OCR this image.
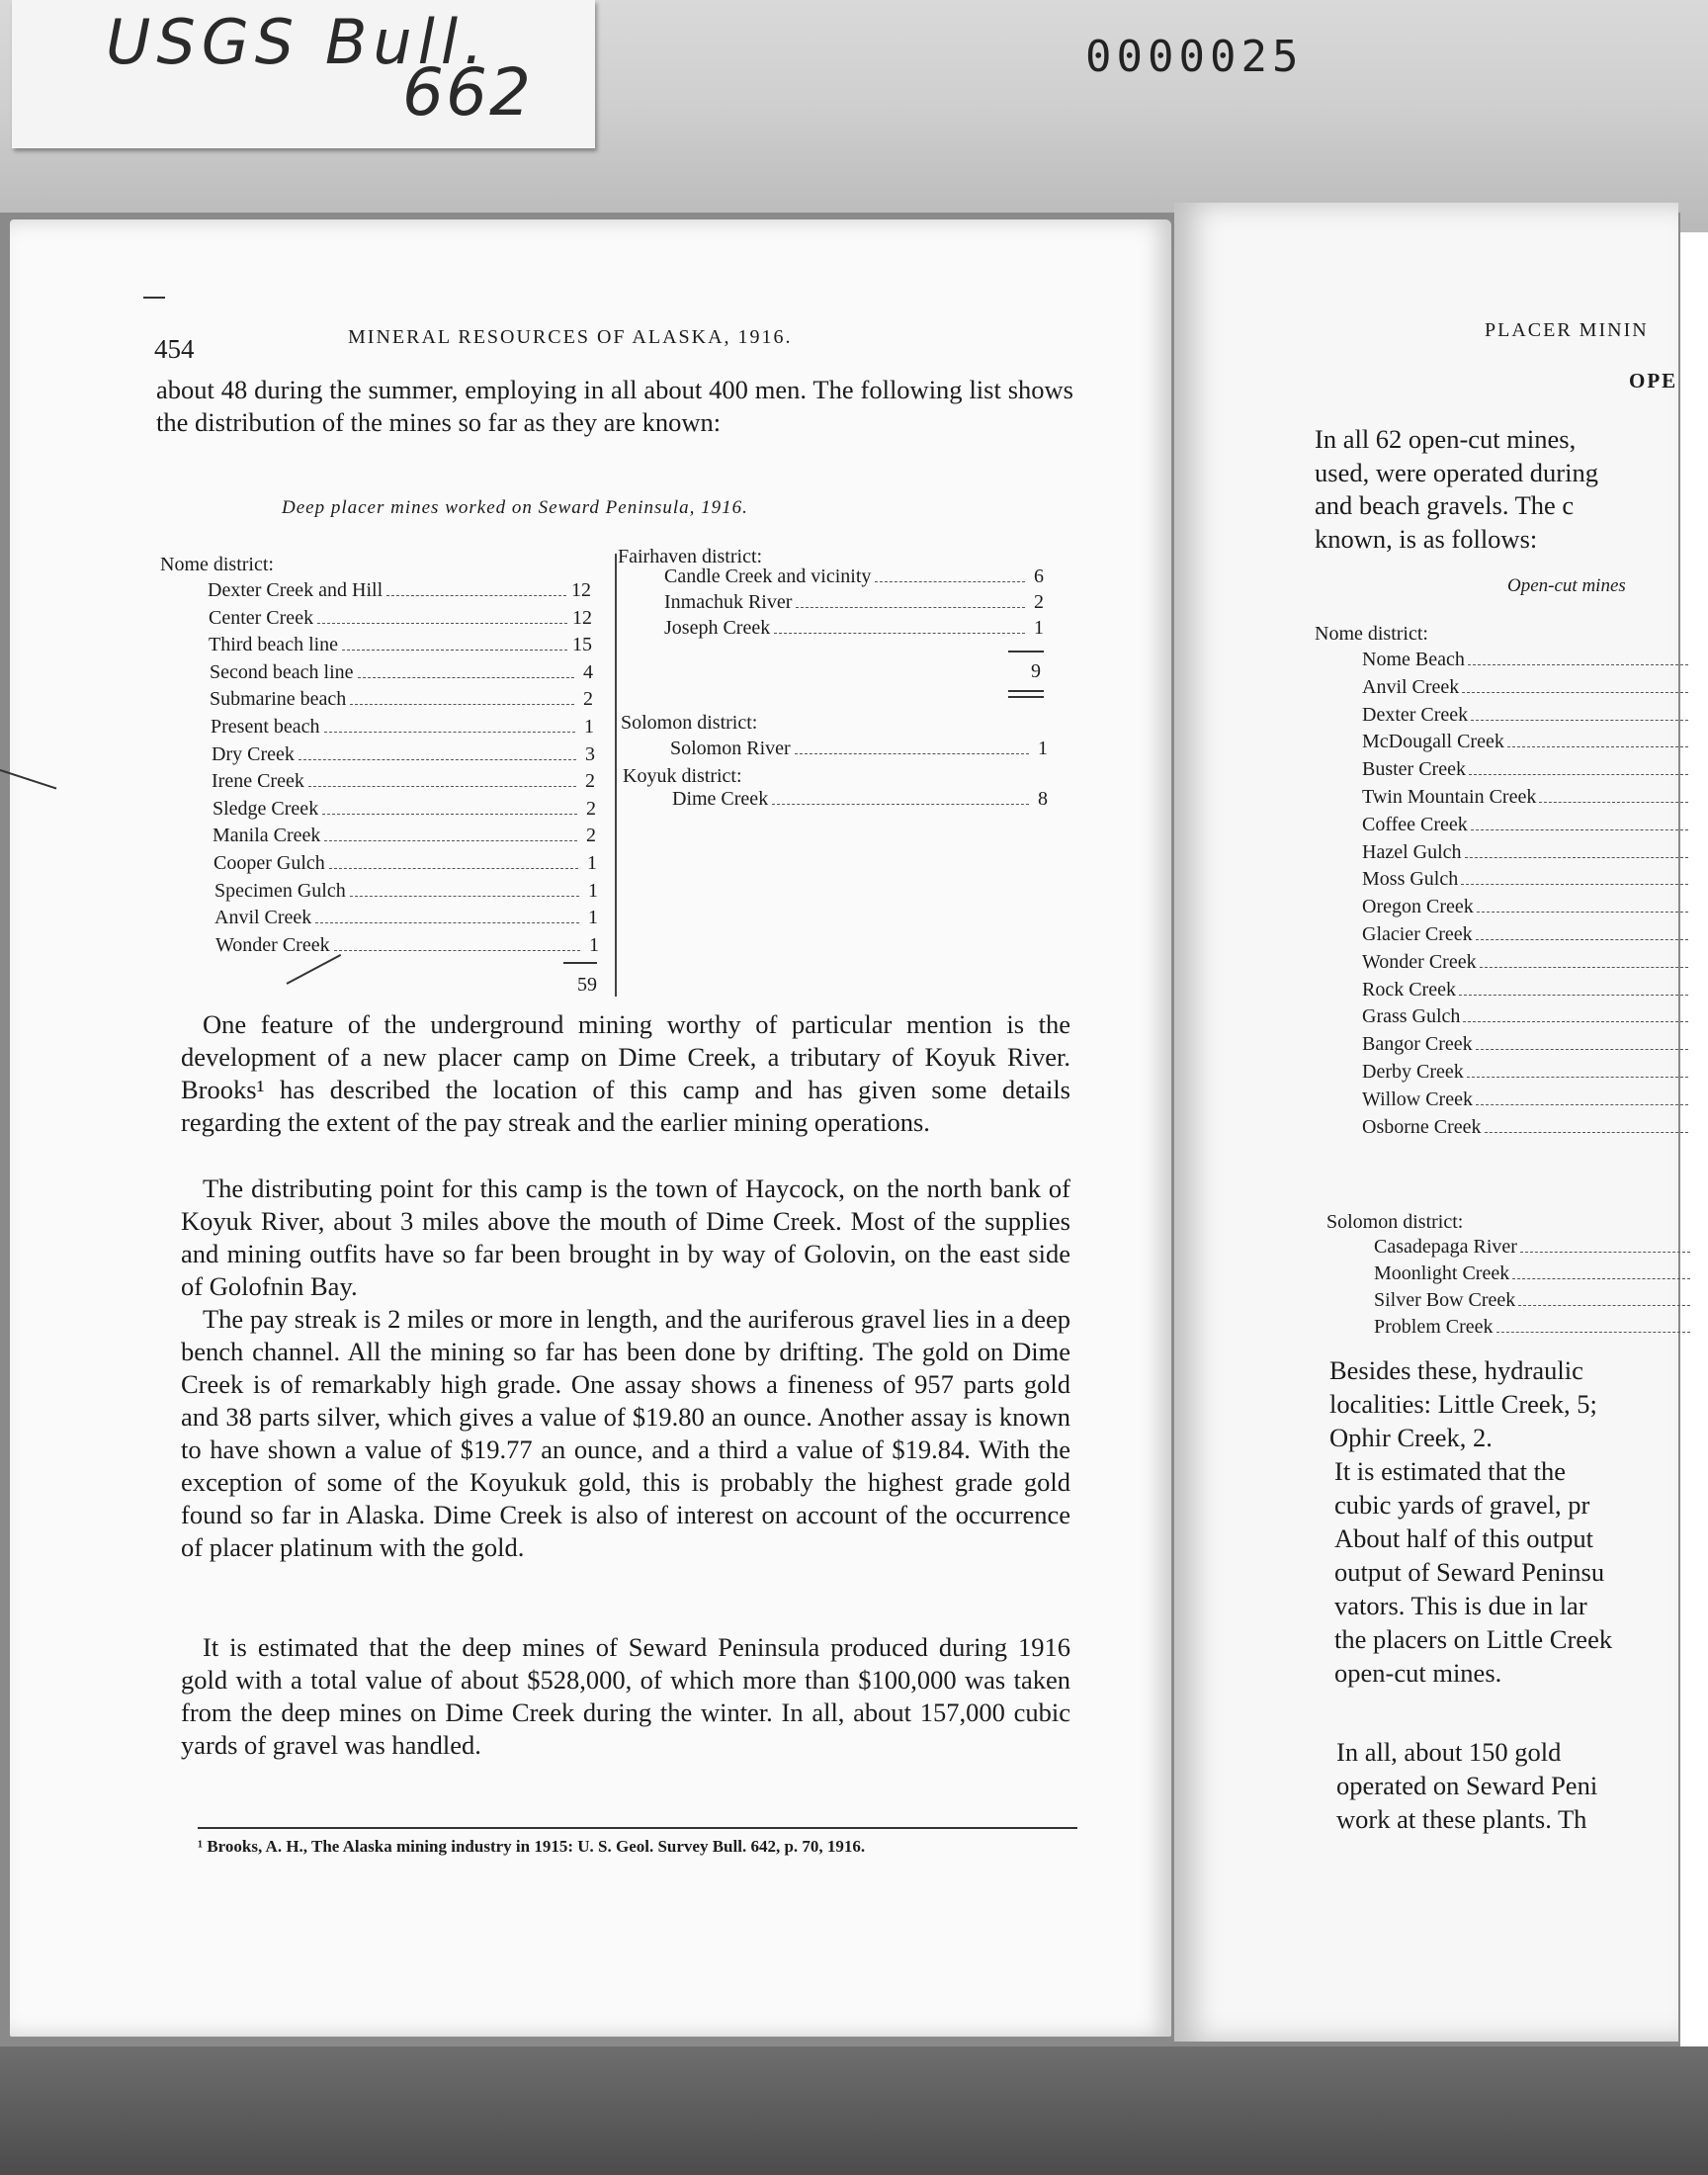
USGS Bull.
662	0000025
454	MINERAL RESOURCES OF ALASKA, 1916.
about 48 during the summer, employing in all about 400 men. The following list shows the distribution of the mines so far as they are known:
Deep placer mines worked on Seward Peninsula, 1916.
Nome district:
Dexter Creek and Hill	12
Center Creek	12
Third beach line	15
Second beach line	4
Submarine beach	2
Present beach	1
Dry Creek	3
Irene Creek	2
Sledge Creek	2
Manila Creek	2
Cooper Gulch	1
Specimen Gulch	1
Anvil Creek	1
Wonder Creek	1
59
Fairhaven district:
Candle Creek and vicinity	6
Inmachuk River	2
Joseph Creek	1
9
Solomon district:
Solomon River	1
Koyuk district:
Dime Creek	8
One feature of the underground mining worthy of particular mention is the development of a new placer camp on Dime Creek, a tributary of Koyuk River. Brooks¹ has described the location of this camp and has given some details regarding the extent of the pay streak and the earlier mining operations.
The distributing point for this camp is the town of Haycock, on the north bank of Koyuk River, about 3 miles above the mouth of Dime Creek. Most of the supplies and mining outfits have so far been brought in by way of Golovin, on the east side of Golofnin Bay.
The pay streak is 2 miles or more in length, and the auriferous gravel lies in a deep bench channel. All the mining so far has been done by drifting. The gold on Dime Creek is of remarkably high grade. One assay shows a fineness of 957 parts gold and 38 parts silver, which gives a value of $19.80 an ounce. Another assay is known to have shown a value of $19.77 an ounce, and a third a value of $19.84. With the exception of some of the Koyukuk gold, this is probably the highest grade gold found so far in Alaska. Dime Creek is also of interest on account of the occurrence of placer platinum with the gold.
It is estimated that the deep mines of Seward Peninsula produced during 1916 gold with a total value of about $528,000, of which more than $100,000 was taken from the deep mines on Dime Creek during the winter. In all, about 157,000 cubic yards of gravel was handled.
¹ Brooks, A. H., The Alaska mining industry in 1915: U. S. Geol. Survey Bull. 642, p. 70, 1916.
PLACER MININ
OPE
In all 62 open-cut mines,
used, were operated during
and beach gravels. The c
known, is as follows:
Open-cut mines
Nome district:
Nome Beach
Anvil Creek
Dexter Creek
McDougall Creek
Buster Creek
Twin Mountain Creek
Coffee Creek
Hazel Gulch
Moss Gulch
Oregon Creek
Glacier Creek
Wonder Creek
Rock Creek
Grass Gulch
Bangor Creek
Derby Creek
Willow Creek
Osborne Creek
Solomon district:
Casadepaga River
Moonlight Creek
Silver Bow Creek
Problem Creek
Besides these, hydraulic
localities: Little Creek, 5;
Ophir Creek, 2.
It is estimated that the
cubic yards of gravel, pr
About half of this output
output of Seward Peninsu
vators. This is due in lar
the placers on Little Creek
open-cut mines.
In all, about 150 gold
operated on Seward Peni
work at these plants. Th
